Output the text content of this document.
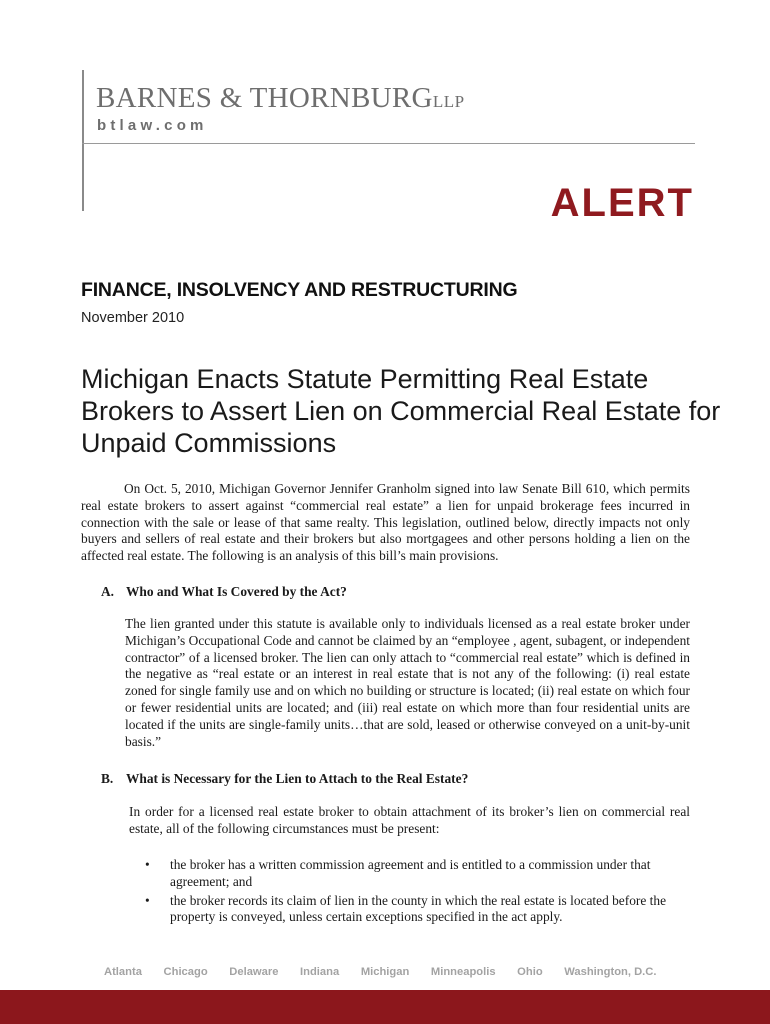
BARNES & THORNBURGLLP
btlaw.com
ALERT
FINANCE, INSOLVENCY AND RESTRUCTURING
November 2010
Michigan Enacts Statute Permitting Real Estate Brokers to Assert Lien on Commercial Real Estate for Unpaid Commissions

On Oct. 5, 2010, Michigan Governor Jennifer Granholm signed into law Senate Bill 610, which permits real estate brokers to assert against “commercial real estate” a lien for unpaid brokerage fees incurred in connection with the sale or lease of that same realty. This legislation, outlined below, directly impacts not only buyers and sellers of real estate and their brokers but also mortgagees and other persons holding a lien on the affected real estate. The following is an analysis of this bill’s main provisions.

A. Who and What Is Covered by the Act?

The lien granted under this statute is available only to individuals licensed as a real estate broker under Michigan’s Occupational Code and cannot be claimed by an “employee , agent, subagent, or independent contractor” of a licensed broker. The lien can only attach to “commercial real estate” which is defined in the negative as “real estate or an interest in real estate that is not any of the following: (i) real estate zoned for single family use and on which no building or structure is located; (ii) real estate on which four or fewer residential units are located; and (iii) real estate on which more than four residential units are located if the units are single-family units…that are sold, leased or otherwise conveyed on a unit-by-unit basis.”

B. What is Necessary for the Lien to Attach to the Real Estate?

In order for a licensed real estate broker to obtain attachment of its broker’s lien on commercial real estate, all of the following circumstances must be present:

• the broker has a written commission agreement and is entitled to a commission under that agreement; and
• the broker records its claim of lien in the county in which the real estate is located before the property is conveyed, unless certain exceptions specified in the act apply.
Atlanta Chicago Delaware Indiana Michigan Minneapolis Ohio Washington, D.C.
